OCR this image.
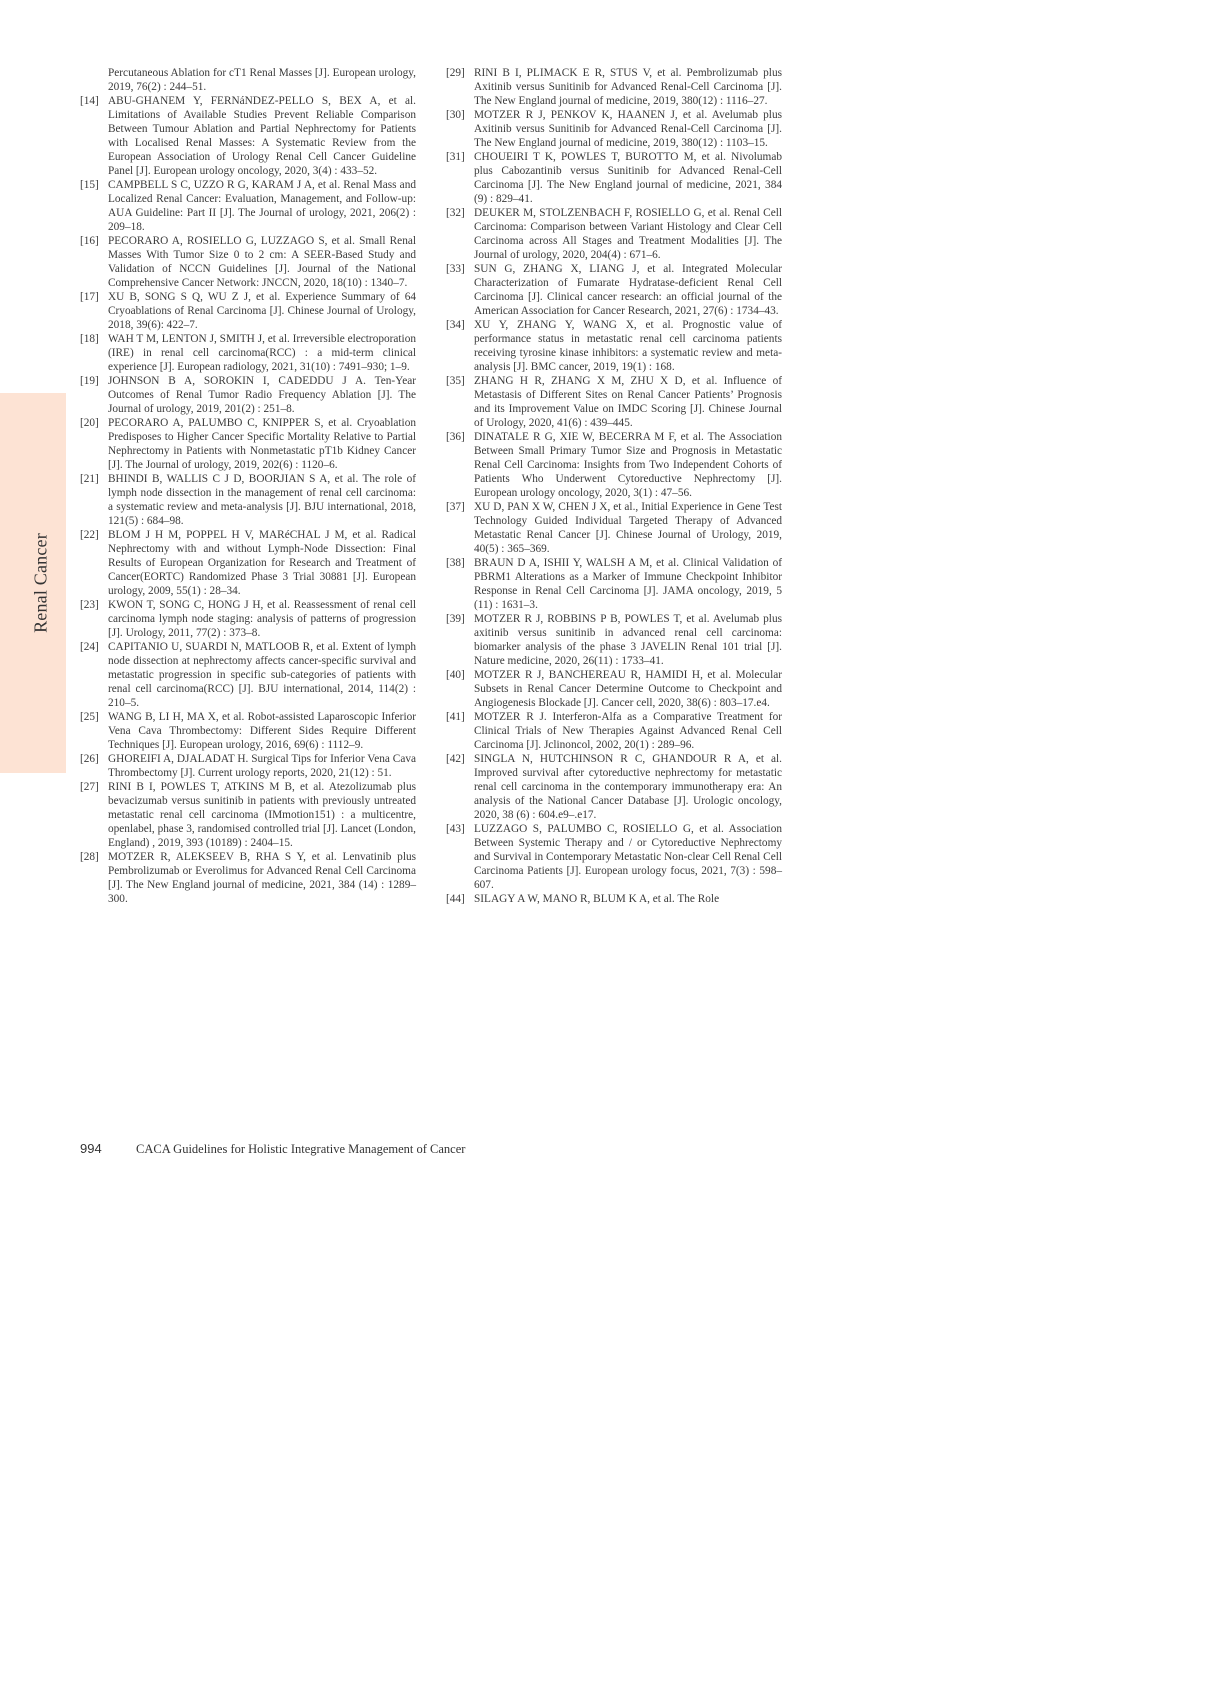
Renal Cancer
Percutaneous Ablation for cT1 Renal Masses [J]. European urology, 2019, 76(2) : 244–51.
[14] ABU-GHANEM Y, FERNáNDEZ-PELLO S, BEX A, et al. Limitations of Available Studies Prevent Reliable Comparison Between Tumour Ablation and Partial Nephrectomy for Patients with Localised Renal Masses: A Systematic Review from the European Association of Urology Renal Cell Cancer Guideline Panel [J]. European urology oncology, 2020, 3(4) : 433–52.
[15] CAMPBELL S C, UZZO R G, KARAM J A, et al. Renal Mass and Localized Renal Cancer: Evaluation, Management, and Follow-up: AUA Guideline: Part II [J]. The Journal of urology, 2021, 206(2) : 209–18.
[16] PECORARO A, ROSIELLO G, LUZZAGO S, et al. Small Renal Masses With Tumor Size 0 to 2 cm: A SEER-Based Study and Validation of NCCN Guidelines [J]. Journal of the National Comprehensive Cancer Network: JNCCN, 2020, 18(10) : 1340–7.
[17] XU B, SONG S Q, WU Z J, et al. Experience Summary of 64 Cryoablations of Renal Carcinoma [J]. Chinese Journal of Urology, 2018, 39(6): 422–7.
[18] WAH T M, LENTON J, SMITH J, et al. Irreversible electroporation (IRE) in renal cell carcinoma(RCC) : a mid-term clinical experience [J]. European radiology, 2021, 31(10) : 7491–930; 1–9.
[19] JOHNSON B A, SOROKIN I, CADEDDU J A. Ten-Year Outcomes of Renal Tumor Radio Frequency Ablation [J]. The Journal of urology, 2019, 201(2) : 251–8.
[20] PECORARO A, PALUMBO C, KNIPPER S, et al. Cryoablation Predisposes to Higher Cancer Specific Mortality Relative to Partial Nephrectomy in Patients with Nonmetastatic pT1b Kidney Cancer [J]. The Journal of urology, 2019, 202(6) : 1120–6.
[21] BHINDI B, WALLIS C J D, BOORJIAN S A, et al. The role of lymph node dissection in the management of renal cell carcinoma: a systematic review and meta-analysis [J]. BJU international, 2018, 121(5) : 684–98.
[22] BLOM J H M, POPPEL H V, MARéCHAL J M, et al. Radical Nephrectomy with and without Lymph-Node Dissection: Final Results of European Organization for Research and Treatment of Cancer(EORTC) Randomized Phase 3 Trial 30881 [J]. European urology, 2009, 55(1) : 28–34.
[23] KWON T, SONG C, HONG J H, et al. Reassessment of renal cell carcinoma lymph node staging: analysis of patterns of progression [J]. Urology, 2011, 77(2) : 373–8.
[24] CAPITANIO U, SUARDI N, MATLOOB R, et al. Extent of lymph node dissection at nephrectomy affects cancer-specific survival and metastatic progression in specific sub-categories of patients with renal cell carcinoma(RCC) [J]. BJU international, 2014, 114(2) : 210–5.
[25] WANG B, LI H, MA X, et al. Robot-assisted Laparoscopic Inferior Vena Cava Thrombectomy: Different Sides Require Different Techniques [J]. European urology, 2016, 69(6) : 1112–9.
[26] GHOREIFI A, DJALADAT H. Surgical Tips for Inferior Vena Cava Thrombectomy [J]. Current urology reports, 2020, 21(12) : 51.
[27] RINI B I, POWLES T, ATKINS M B, et al. Atezolizumab plus bevacizumab versus sunitinib in patients with previously untreated metastatic renal cell carcinoma (IMmotion151) : a multicentre, openlabel, phase 3, randomised controlled trial [J]. Lancet (London, England) , 2019, 393 (10189) : 2404–15.
[28] MOTZER R, ALEKSEEV B, RHA S Y, et al. Lenvatinib plus Pembrolizumab or Everolimus for Advanced Renal Cell Carcinoma [J]. The New England journal of medicine, 2021, 384 (14) : 1289–300.
[29] RINI B I, PLIMACK E R, STUS V, et al. Pembrolizumab plus Axitinib versus Sunitinib for Advanced Renal-Cell Carcinoma [J]. The New England journal of medicine, 2019, 380(12) : 1116–27.
[30] MOTZER R J, PENKOV K, HAANEN J, et al. Avelumab plus Axitinib versus Sunitinib for Advanced Renal-Cell Carcinoma [J]. The New England journal of medicine, 2019, 380(12) : 1103–15.
[31] CHOUEIRI T K, POWLES T, BUROTTO M, et al. Nivolumab plus Cabozantinib versus Sunitinib for Advanced Renal-Cell Carcinoma [J]. The New England journal of medicine, 2021, 384 (9) : 829–41.
[32] DEUKER M, STOLZENBACH F, ROSIELLO G, et al. Renal Cell Carcinoma: Comparison between Variant Histology and Clear Cell Carcinoma across All Stages and Treatment Modalities [J]. The Journal of urology, 2020, 204(4) : 671–6.
[33] SUN G, ZHANG X, LIANG J, et al. Integrated Molecular Characterization of Fumarate Hydratase-deficient Renal Cell Carcinoma [J]. Clinical cancer research: an official journal of the American Association for Cancer Research, 2021, 27(6) : 1734–43.
[34] XU Y, ZHANG Y, WANG X, et al. Prognostic value of performance status in metastatic renal cell carcinoma patients receiving tyrosine kinase inhibitors: a systematic review and meta-analysis [J]. BMC cancer, 2019, 19(1) : 168.
[35] ZHANG H R, ZHANG X M, ZHU X D, et al. Influence of Metastasis of Different Sites on Renal Cancer Patients’ Prognosis and its Improvement Value on IMDC Scoring [J]. Chinese Journal of Urology, 2020, 41(6) : 439–445.
[36] DINATALE R G, XIE W, BECERRA M F, et al. The Association Between Small Primary Tumor Size and Prognosis in Metastatic Renal Cell Carcinoma: Insights from Two Independent Cohorts of Patients Who Underwent Cytoreductive Nephrectomy [J]. European urology oncology, 2020, 3(1) : 47–56.
[37] XU D, PAN X W, CHEN J X, et al., Initial Experience in Gene Test Technology Guided Individual Targeted Therapy of Advanced Metastatic Renal Cancer [J]. Chinese Journal of Urology, 2019, 40(5) : 365–369.
[38] BRAUN D A, ISHII Y, WALSH A M, et al. Clinical Validation of PBRM1 Alterations as a Marker of Immune Checkpoint Inhibitor Response in Renal Cell Carcinoma [J]. JAMA oncology, 2019, 5 (11) : 1631–3.
[39] MOTZER R J, ROBBINS P B, POWLES T, et al. Avelumab plus axitinib versus sunitinib in advanced renal cell carcinoma: biomarker analysis of the phase 3 JAVELIN Renal 101 trial [J]. Nature medicine, 2020, 26(11) : 1733–41.
[40] MOTZER R J, BANCHEREAU R, HAMIDI H, et al. Molecular Subsets in Renal Cancer Determine Outcome to Checkpoint and Angiogenesis Blockade [J]. Cancer cell, 2020, 38(6) : 803–17.e4.
[41] MOTZER R J. Interferon-Alfa as a Comparative Treatment for Clinical Trials of New Therapies Against Advanced Renal Cell Carcinoma [J]. Jclinoncol, 2002, 20(1) : 289–96.
[42] SINGLA N, HUTCHINSON R C, GHANDOUR R A, et al. Improved survival after cytoreductive nephrectomy for metastatic renal cell carcinoma in the contemporary immunotherapy era: An analysis of the National Cancer Database [J]. Urologic oncology, 2020, 38 (6) : 604.e9–.e17.
[43] LUZZAGO S, PALUMBO C, ROSIELLO G, et al. Association Between Systemic Therapy and / or Cytoreductive Nephrectomy and Survival in Contemporary Metastatic Non-clear Cell Renal Cell Carcinoma Patients [J]. European urology focus, 2021, 7(3) : 598–607.
[44] SILAGY A W, MANO R, BLUM K A, et al. The Role
994	CACA Guidelines for Holistic Integrative Management of Cancer
